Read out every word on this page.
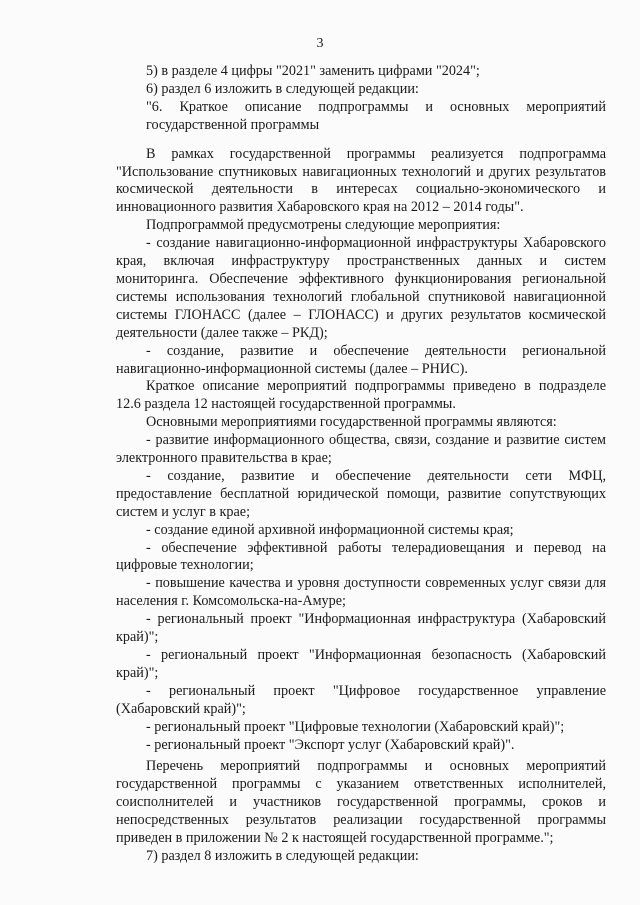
3

5) в разделе 4 цифры "2021" заменить цифрами "2024";

6) раздел 6 изложить в следующей редакции:

"6. Краткое описание подпрограммы и основных мероприятий государственной программы

В рамках государственной программы реализуется подпрограмма "Использование спутниковых навигационных технологий и других результатов космической деятельности в интересах социально-экономического и инновационного развития Хабаровского края на 2012 – 2014 годы".

Подпрограммой предусмотрены следующие мероприятия:

- создание навигационно-информационной инфраструктуры Хабаровского края, включая инфраструктуру пространственных данных и систем мониторинга. Обеспечение эффективного функционирования региональной системы использования технологий глобальной спутниковой навигационной системы ГЛОНАСС (далее – ГЛОНАСС) и других результатов космической деятельности (далее также – РКД);

- создание, развитие и обеспечение деятельности региональной навигационно-информационной системы (далее – РНИС).

Краткое описание мероприятий подпрограммы приведено в подразделе 12.6 раздела 12 настоящей государственной программы.

Основными мероприятиями государственной программы являются:

- развитие информационного общества, связи, создание и развитие систем электронного правительства в крае;

- создание, развитие и обеспечение деятельности сети МФЦ, предоставление бесплатной юридической помощи, развитие сопутствующих систем и услуг в крае;

- создание единой архивной информационной системы края;

- обеспечение эффективной работы телерадиовещания и перевод на цифровые технологии;

- повышение качества и уровня доступности современных услуг связи для населения г. Комсомольска-на-Амуре;

- региональный проект "Информационная инфраструктура (Хабаровский край)";

- региональный проект "Информационная безопасность (Хабаровский край)";

- региональный проект "Цифровое государственное управление (Хабаровский край)";

- региональный проект "Цифровые технологии (Хабаровский край)";

- региональный проект "Экспорт услуг (Хабаровский край)".

Перечень мероприятий подпрограммы и основных мероприятий государственной программы с указанием ответственных исполнителей, соисполнителей и участников государственной программы, сроков и непосредственных результатов реализации государственной программы приведен в приложении № 2 к настоящей государственной программе.";

7) раздел 8 изложить в следующей редакции:
